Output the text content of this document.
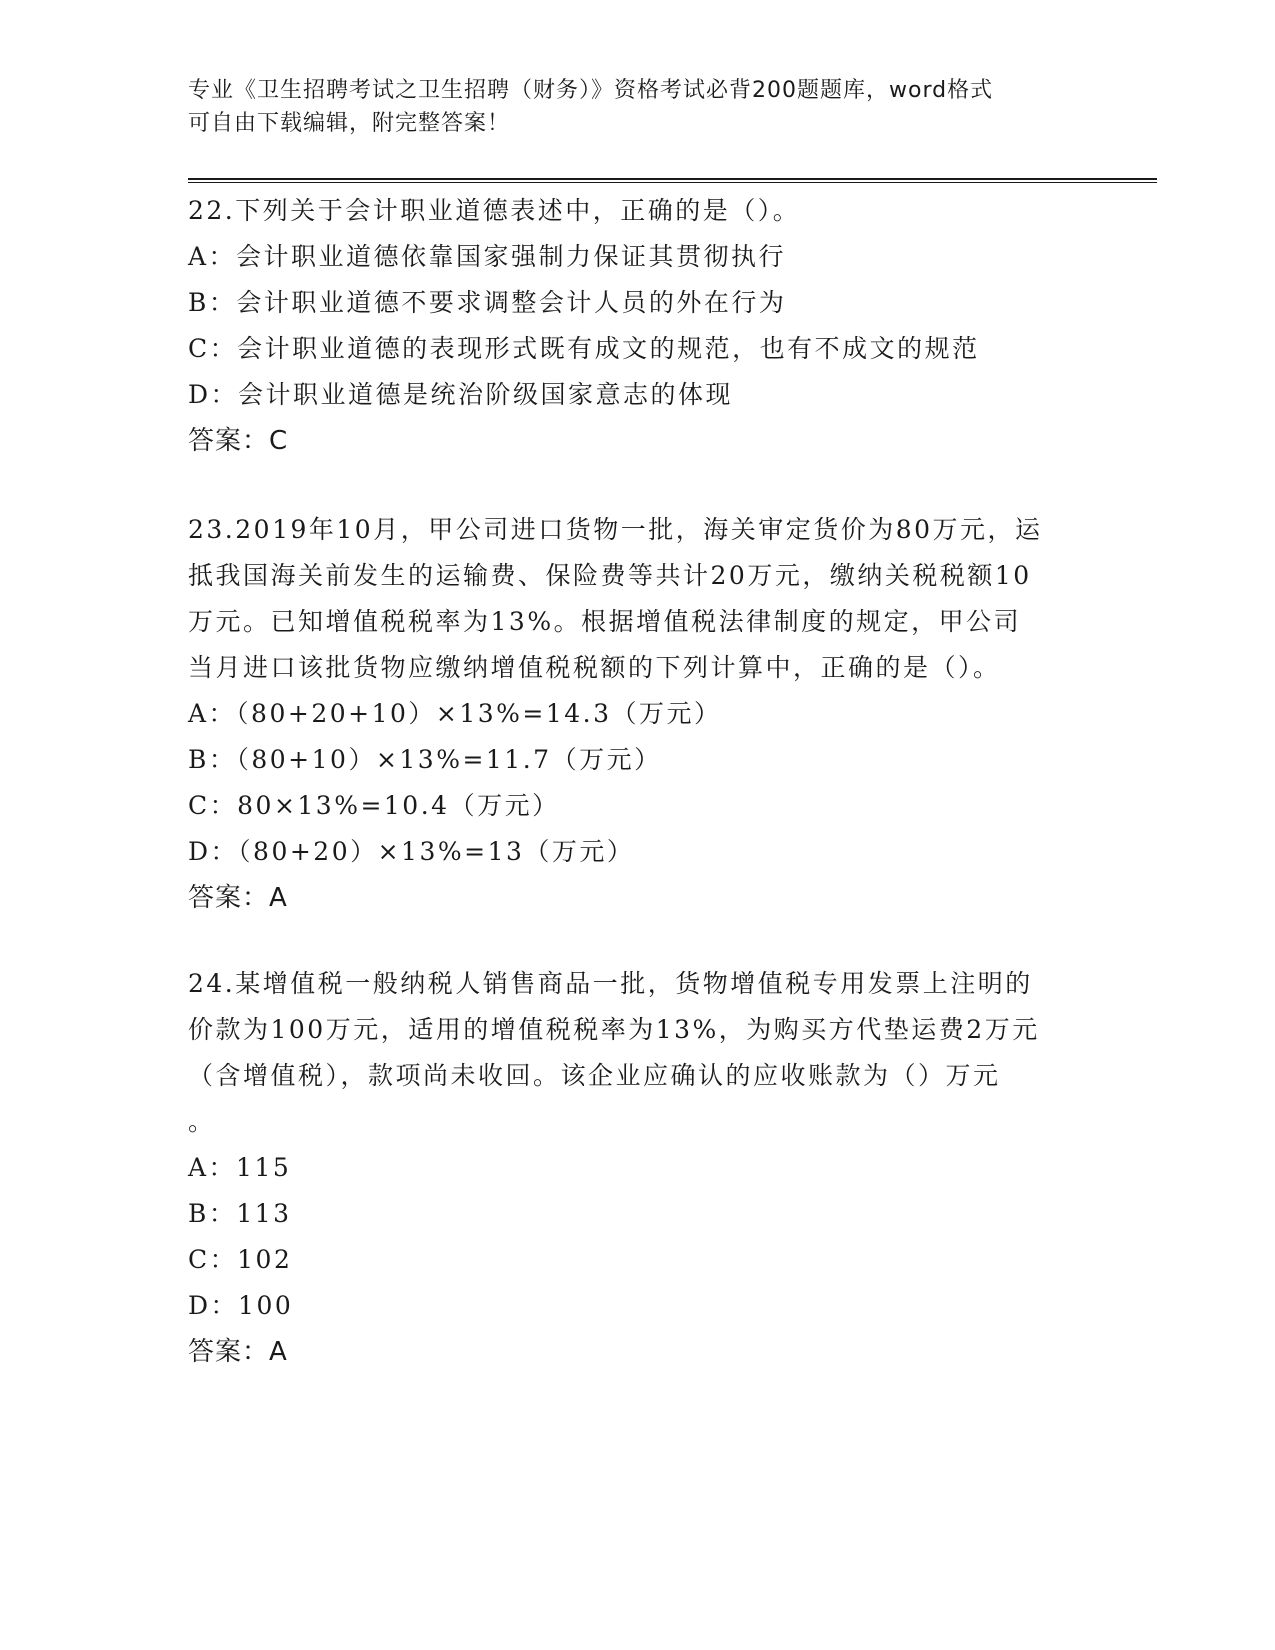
专业《卫生招聘考试之卫生招聘（财务）》资格考试必背200题题库，word格式
可自由下载编辑，附完整答案！
22.下列关于会计职业道德表述中，正确的是（）。
A：会计职业道德依靠国家强制力保证其贯彻执行
B：会计职业道德不要求调整会计人员的外在行为
C：会计职业道德的表现形式既有成文的规范，也有不成文的规范
D：会计职业道德是统治阶级国家意志的体现
答案：C
23.2019年10月，甲公司进口货物一批，海关审定货价为80万元，运
抵我国海关前发生的运输费、保险费等共计20万元，缴纳关税税额10
万元。已知增值税税率为13%。根据增值税法律制度的规定，甲公司
当月进口该批货物应缴纳增值税税额的下列计算中，正确的是（）。
A：（80+20+10）×13%=14.3（万元）
B：（80+10）×13%=11.7（万元）
C：80×13%=10.4（万元）
D：（80+20）×13%=13（万元）
答案：A
24.某增值税一般纳税人销售商品一批，货物增值税专用发票上注明的
价款为100万元，适用的增值税税率为13%，为购买方代垫运费2万元
（含增值税），款项尚未收回。该企业应确认的应收账款为（）万元
。
A：115
B：113
C：102
D：100
答案：A
